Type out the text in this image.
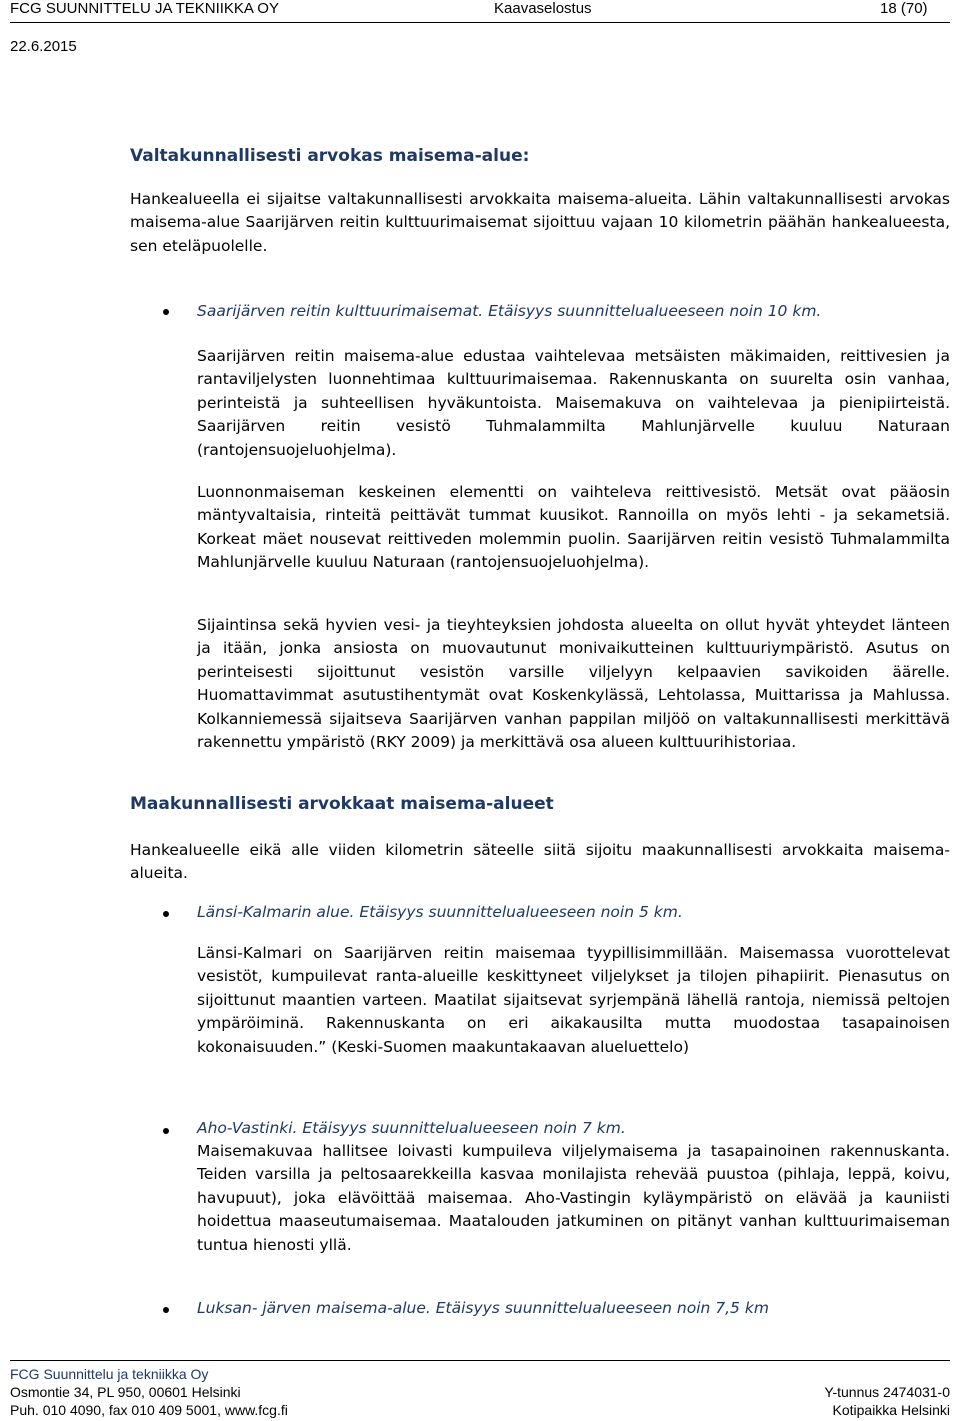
FCG SUUNNITTELU JA TEKNIIKKA OY	Kaavaselostus	18 (70)
22.6.2015
Valtakunnallisesti arvokas maisema-alue:

Hankealueella ei sijaitse valtakunnallisesti arvokkaita maisema-alueita. Lähin valtakunnallisesti arvokas maisema-alue Saarijärven reitin kulttuurimaisemat sijoittuu vajaan 10 kilometrin päähän hankealueesta, sen eteläpuolelle.

Saarijärven reitin kulttuurimaisemat. Etäisyys suunnittelualueeseen noin 10 km.

Saarijärven reitin maisema-alue edustaa vaihtelevaa metsäisten mäkimaiden, reittivesien ja rantaviljelysten luonnehtimaa kulttuurimaisemaa. Rakennuskanta on suurelta osin vanhaa, perinteistä ja suhteellisen hyväkuntoista. Maisemakuva on vaihtelevaa ja pienipiirteistä. Saarijärven reitin vesistö Tuhmalammilta Mahlunjärvelle kuuluu Naturaan (rantojensuojeluohjelma).

Luonnonmaiseman keskeinen elementti on vaihteleva reittivesistö. Metsät ovat pääosin mäntyvaltaisia, rinteitä peittävät tummat kuusikot. Rannoilla on myös lehti - ja sekametsiä. Korkeat mäet nousevat reittiveden molemmin puolin. Saarijärven reitin vesistö Tuhmalammilta Mahlunjärvelle kuuluu Naturaan (rantojensuojeluohjelma).

Sijaintinsa sekä hyvien vesi- ja tieyhteyksien johdosta alueelta on ollut hyvät yhteydet länteen ja itään, jonka ansiosta on muovautunut monivaikutteinen kulttuuriympäristö. Asutus on perinteisesti sijoittunut vesistön varsille viljelyyn kelpaavien savikoiden äärelle. Huomattavimmat asutustihentymät ovat Koskenkylässä, Lehtolassa, Muittarissa ja Mahlussa. Kolkanniemessä sijaitseva Saarijärven vanhan pappilan miljöö on valtakunnallisesti merkittävä rakennettu ympäristö (RKY 2009) ja merkittävä osa alueen kulttuurihistoriaa.

Maakunnallisesti arvokkaat maisema-alueet

Hankealueelle eikä alle viiden kilometrin säteelle siitä sijoitu maakunnallisesti arvokkaita maisema-alueita.

Länsi-Kalmarin alue. Etäisyys suunnittelualueeseen noin 5 km.

Länsi-Kalmari on Saarijärven reitin maisemaa tyypillisimmillään. Maisemassa vuorottelevat vesistöt, kumpuilevat ranta-alueille keskittyneet viljelykset ja tilojen pihapiirit. Pienasutus on sijoittunut maantien varteen. Maatilat sijaitsevat syrjempänä lähellä rantoja, niemissä peltojen ympäröiminä. Rakennuskanta on eri aikakausilta mutta muodostaa tasapainoisen kokonaisuuden.” (Keski-Suomen maakuntakaavan alueluettelo)

Aho-Vastinki. Etäisyys suunnittelualueeseen noin 7 km.

Maisemakuvaa hallitsee loivasti kumpuileva viljelymaisema ja tasapainoinen rakennuskanta. Teiden varsilla ja peltosaarekkeilla kasvaa monilajista rehevää puustoa (pihlaja, leppä, koivu, havupuut), joka elävöittää maisemaa. Aho-Vastingin kyläympäristö on elävää ja kauniisti hoidettua maaseutumaisemaa. Maatalouden jatkuminen on pitänyt vanhan kulttuurimaiseman tuntua hienosti yllä.

Luksan- järven maisema-alue. Etäisyys suunnittelualueeseen noin 7,5 km

FCG Suunnittelu ja tekniikka Oy
Osmontie 34, PL 950, 00601 Helsinki
Puh. 010 4090, fax 010 409 5001, www.fcg.fi
Y-tunnus 2474031-0
Kotipaikka Helsinki
